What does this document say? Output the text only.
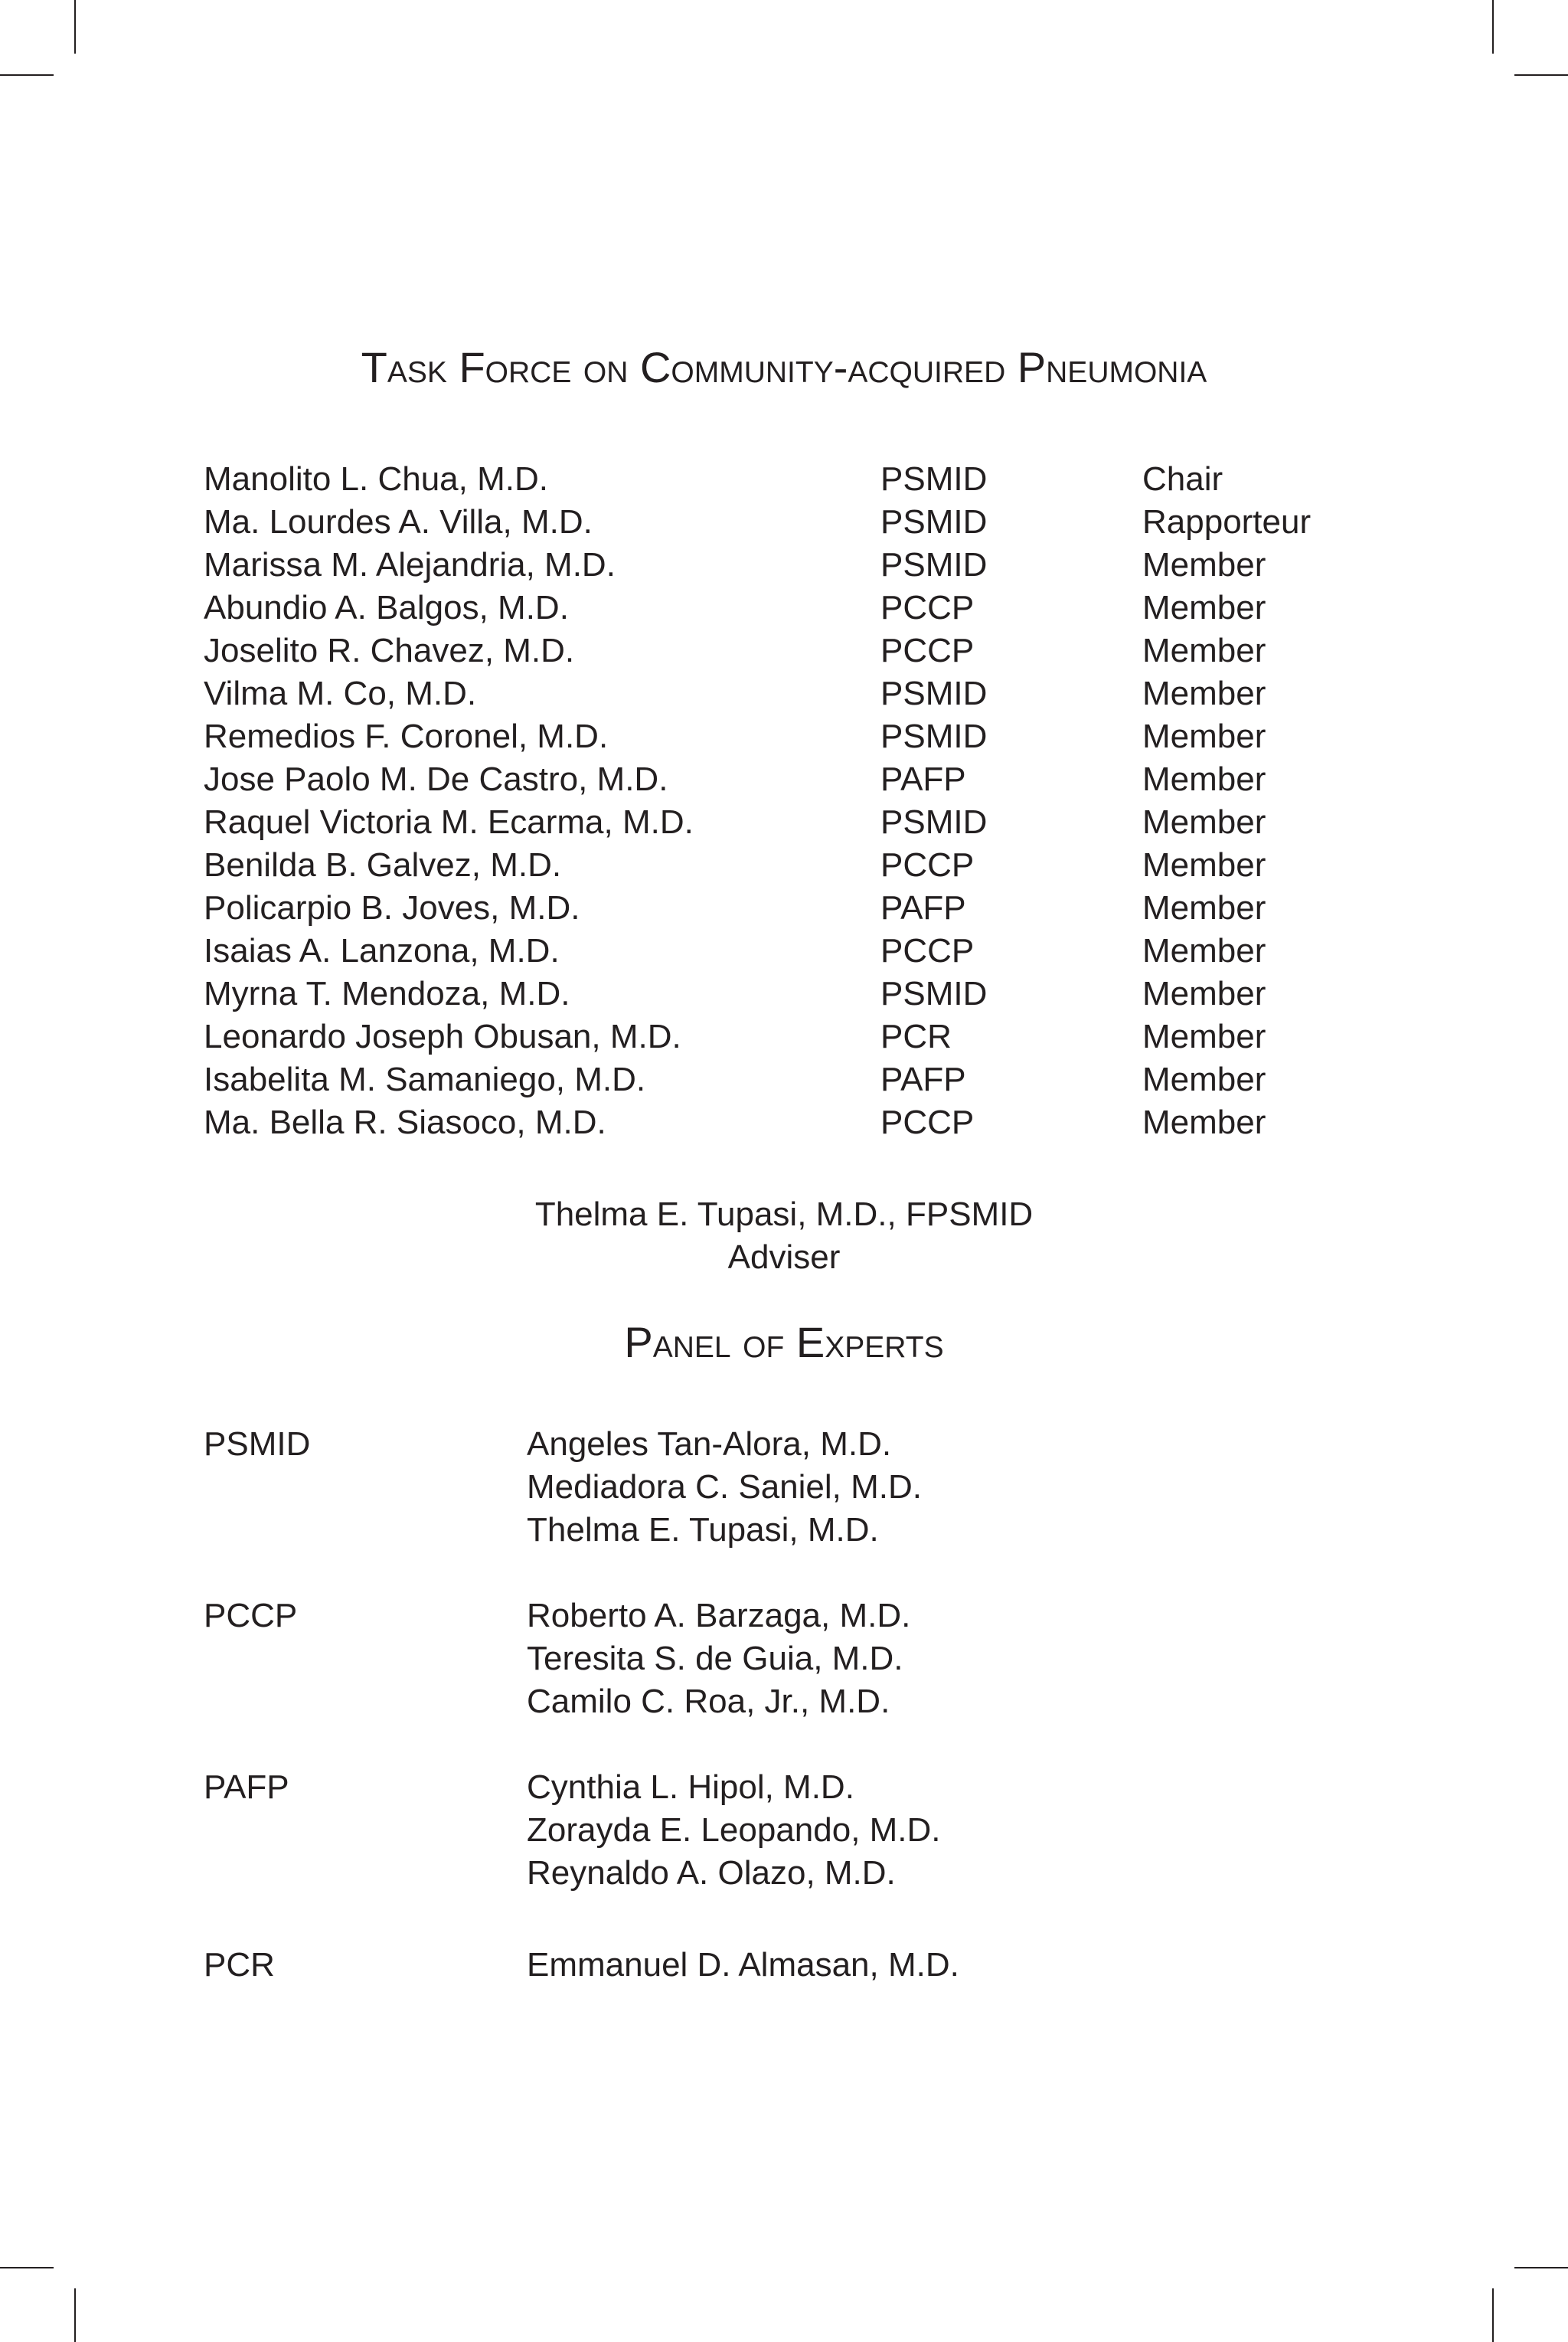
Task Force on Community-acquired Pneumonia
Manolito L. Chua, M.D.	PSMID	Chair
Ma. Lourdes A. Villa, M.D.	PSMID	Rapporteur
Marissa M. Alejandria, M.D.	PSMID	Member
Abundio A. Balgos, M.D.	PCCP	Member
Joselito R. Chavez, M.D.	PCCP	Member
Vilma M. Co, M.D.	PSMID	Member
Remedios F. Coronel, M.D.	PSMID	Member
Jose Paolo M. De Castro, M.D.	PAFP	Member
Raquel Victoria M. Ecarma, M.D.	PSMID	Member
Benilda B. Galvez, M.D.	PCCP	Member
Policarpio B. Joves, M.D.	PAFP	Member
Isaias A. Lanzona, M.D.	PCCP	Member
Myrna T. Mendoza, M.D.	PSMID	Member
Leonardo Joseph Obusan, M.D.	PCR	Member
Isabelita M. Samaniego, M.D.	PAFP	Member
Ma. Bella R. Siasoco, M.D.	PCCP	Member
Thelma E. Tupasi, M.D., FPSMID
Adviser
Panel of Experts
PSMID	Angeles Tan-Alora, M.D.
Mediadora C. Saniel, M.D.
Thelma E. Tupasi, M.D.
PCCP	Roberto A. Barzaga, M.D.
Teresita S. de Guia, M.D.
Camilo C. Roa, Jr., M.D.
PAFP	Cynthia L. Hipol, M.D.
Zorayda E. Leopando, M.D.
Reynaldo A. Olazo, M.D.
PCR	Emmanuel D. Almasan, M.D.
